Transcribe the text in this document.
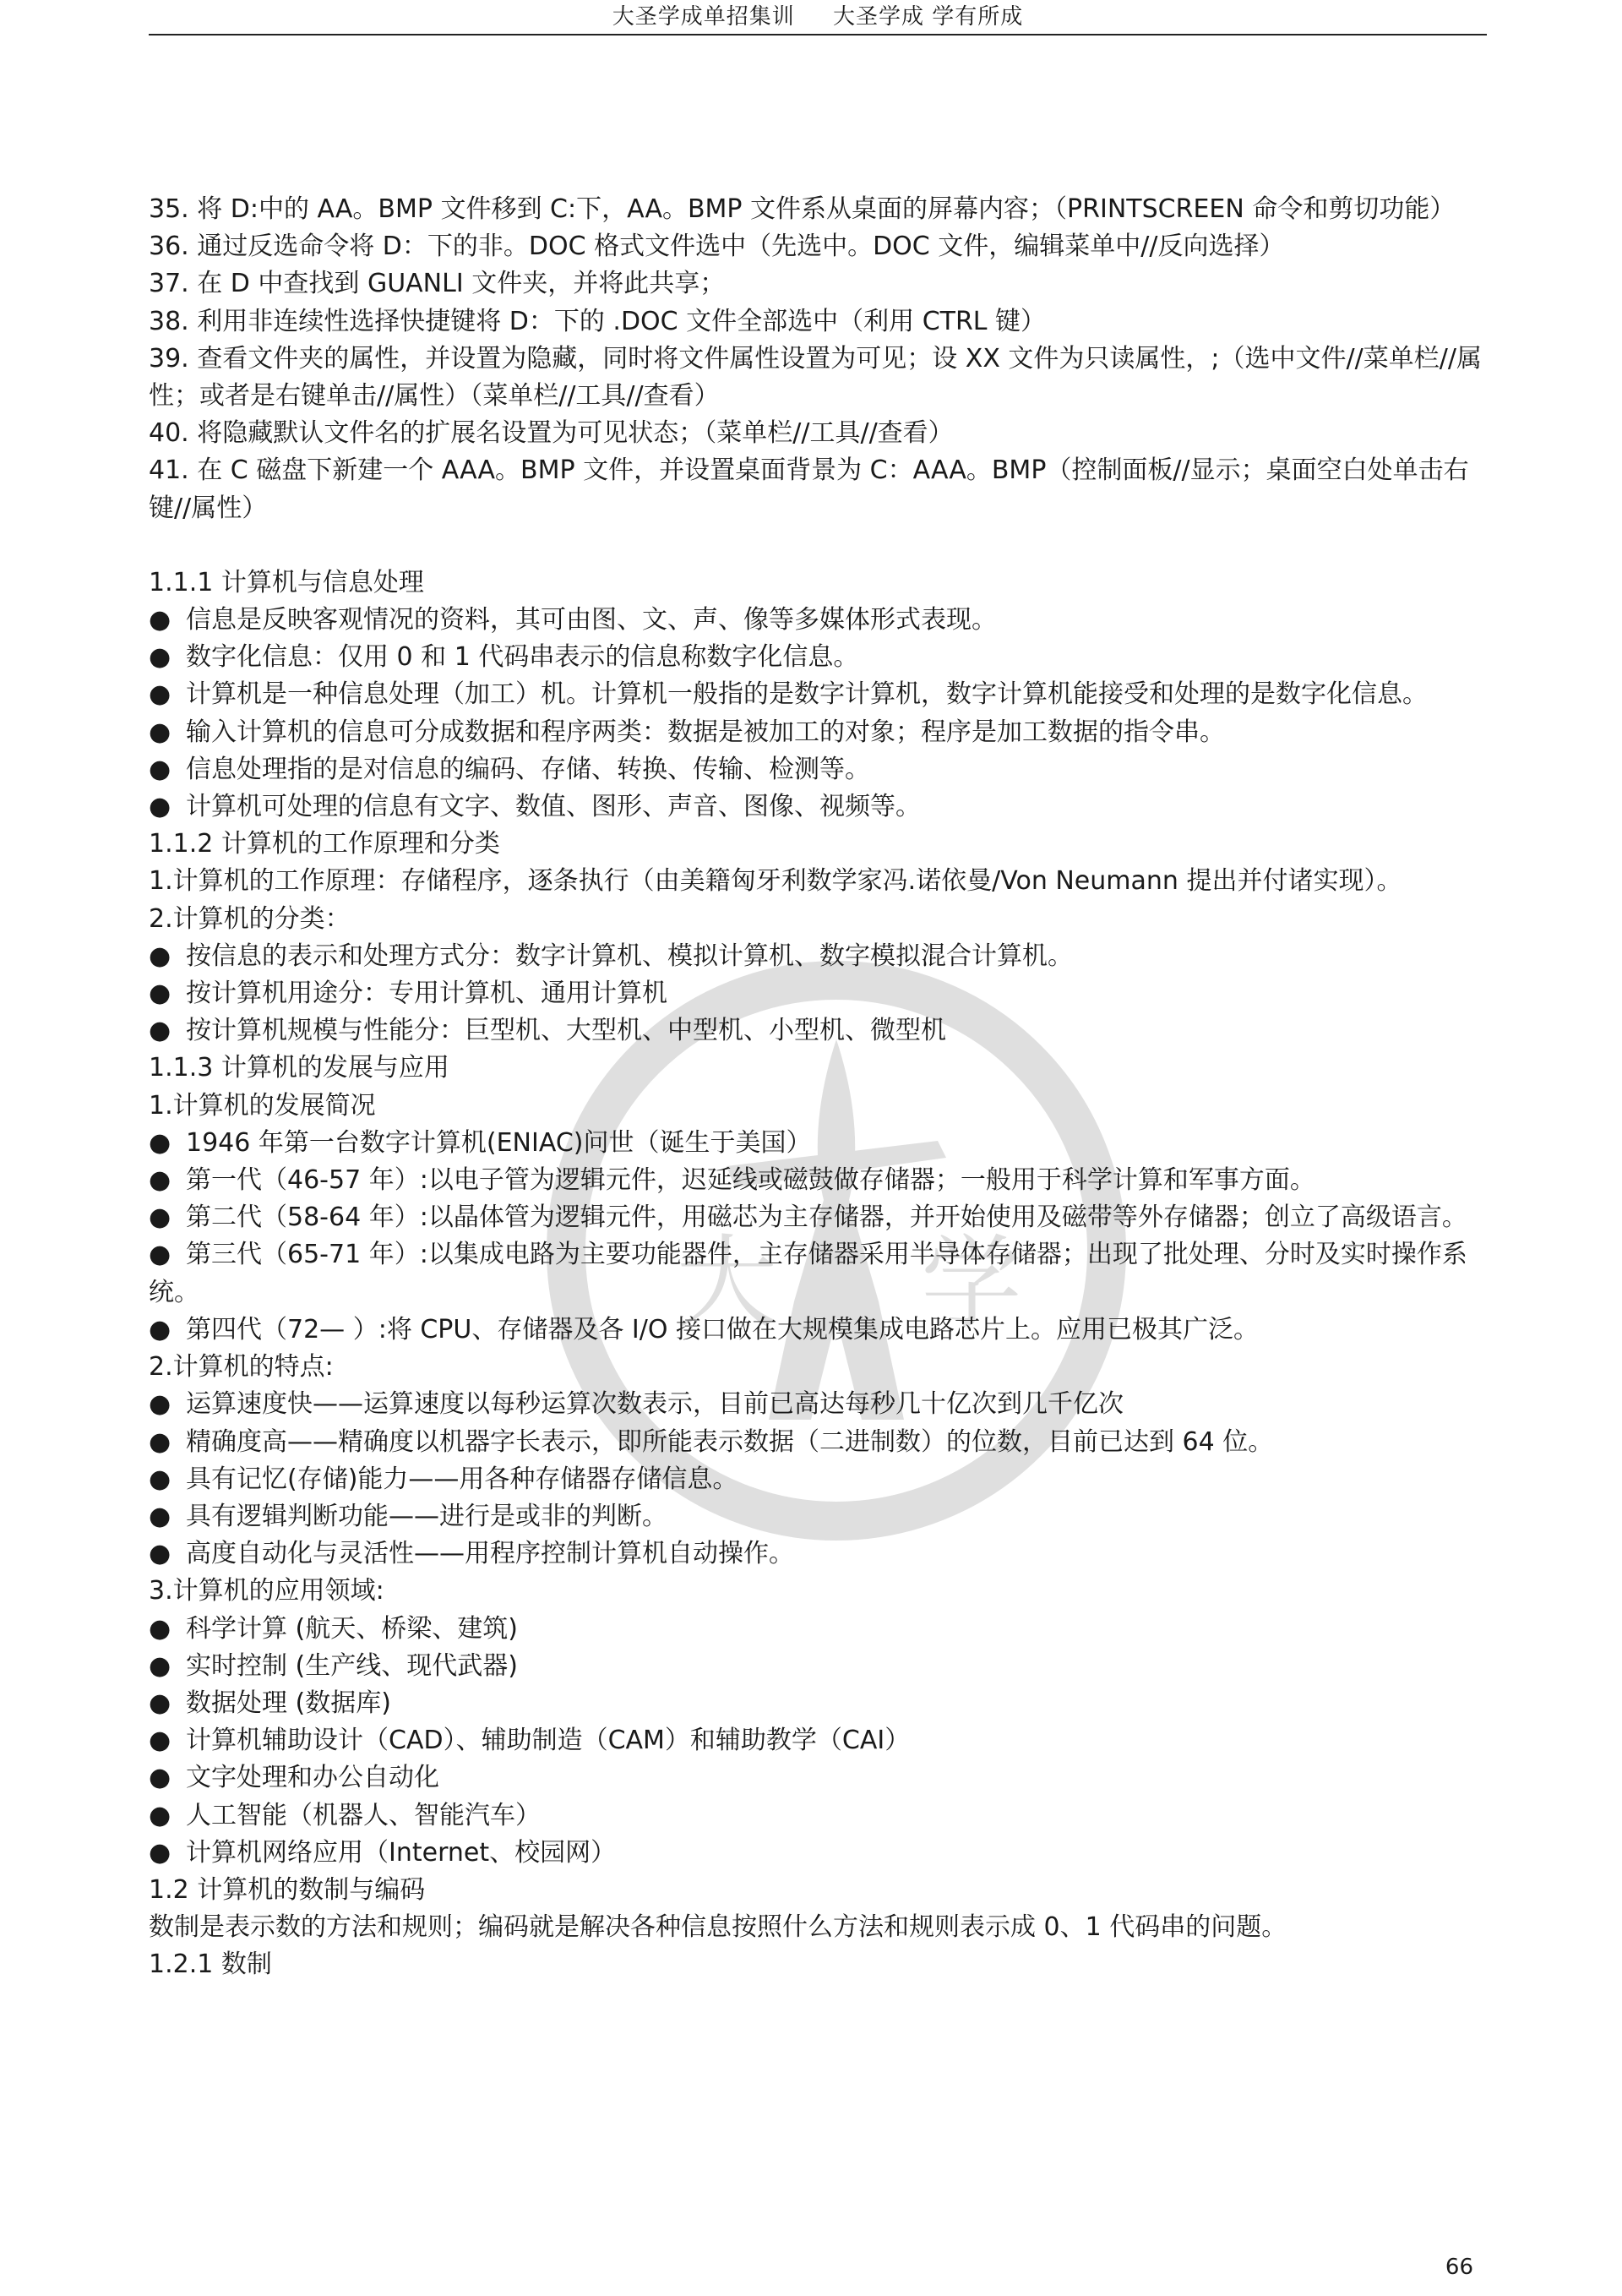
大圣学成单招集训 大圣学成 学有所成
大 学

35. 将 D:中的 AA。BMP 文件移到 C:下，AA。BMP 文件系从桌面的屏幕内容；（PRINTSCREEN 命令和剪切功能）

36. 通过反选命令将 D：下的非。DOC 格式文件选中（先选中。DOC 文件，编辑菜单中//反向选择）

37. 在 D 中查找到 GUANLI 文件夹，并将此共享；

38. 利用非连续性选择快捷键将 D：下的 .DOC 文件全部选中（利用 CTRL 键）

39. 查看文件夹的属性，并设置为隐藏，同时将文件属性设置为可见；设 XX 文件为只读属性，;（选中文件//菜单栏//属性；或者是右键单击//属性）（菜单栏//工具//查看）

40. 将隐藏默认文件名的扩展名设置为可见状态；（菜单栏//工具//查看）

41. 在 C 磁盘下新建一个 AAA。BMP 文件，并设置桌面背景为 C：AAA。BMP（控制面板//显示；桌面空白处单击右键//属性）

1.1.1 计算机与信息处理

● 信息是反映客观情况的资料，其可由图、文、声、像等多媒体形式表现。

● 数字化信息：仅用 0 和 1 代码串表示的信息称数字化信息。

● 计算机是一种信息处理（加工）机。计算机一般指的是数字计算机，数字计算机能接受和处理的是数字化信息。

● 输入计算机的信息可分成数据和程序两类：数据是被加工的对象；程序是加工数据的指令串。

● 信息处理指的是对信息的编码、存储、转换、传输、检测等。

● 计算机可处理的信息有文字、数值、图形、声音、图像、视频等。

1.1.2 计算机的工作原理和分类

1.计算机的工作原理：存储程序，逐条执行（由美籍匈牙利数学家冯.诺依曼/Von Neumann 提出并付诸实现）。

2.计算机的分类：

● 按信息的表示和处理方式分：数字计算机、模拟计算机、数字模拟混合计算机。

● 按计算机用途分：专用计算机、通用计算机

● 按计算机规模与性能分：巨型机、大型机、中型机、小型机、微型机

1.1.3 计算机的发展与应用

1.计算机的发展简况

● 1946 年第一台数字计算机(ENIAC)问世（诞生于美国）

● 第一代（46-57 年）:以电子管为逻辑元件，迟延线或磁鼓做存储器；一般用于科学计算和军事方面。

● 第二代（58-64 年）:以晶体管为逻辑元件，用磁芯为主存储器，并开始使用及磁带等外存储器；创立了高级语言。

● 第三代（65-71 年）:以集成电路为主要功能器件，主存储器采用半导体存储器；出现了批处理、分时及实时操作系统。

● 第四代（72— ）:将 CPU、存储器及各 I/O 接口做在大规模集成电路芯片上。应用已极其广泛。

2.计算机的特点:

● 运算速度快——运算速度以每秒运算次数表示，目前已高达每秒几十亿次到几千亿次

● 精确度高——精确度以机器字长表示，即所能表示数据（二进制数）的位数，目前已达到 64 位。

● 具有记忆(存储)能力——用各种存储器存储信息。

● 具有逻辑判断功能——进行是或非的判断。

● 高度自动化与灵活性——用程序控制计算机自动操作。

3.计算机的应用领域:

● 科学计算 (航天、桥梁、建筑)

● 实时控制 (生产线、现代武器)

● 数据处理 (数据库)

● 计算机辅助设计（CAD）、辅助制造（CAM）和辅助教学（CAI）

● 文字处理和办公自动化

● 人工智能（机器人、智能汽车）

● 计算机网络应用（Internet、校园网）

1.2 计算机的数制与编码

数制是表示数的方法和规则；编码就是解决各种信息按照什么方法和规则表示成 0、1 代码串的问题。

1.2.1 数制

66
